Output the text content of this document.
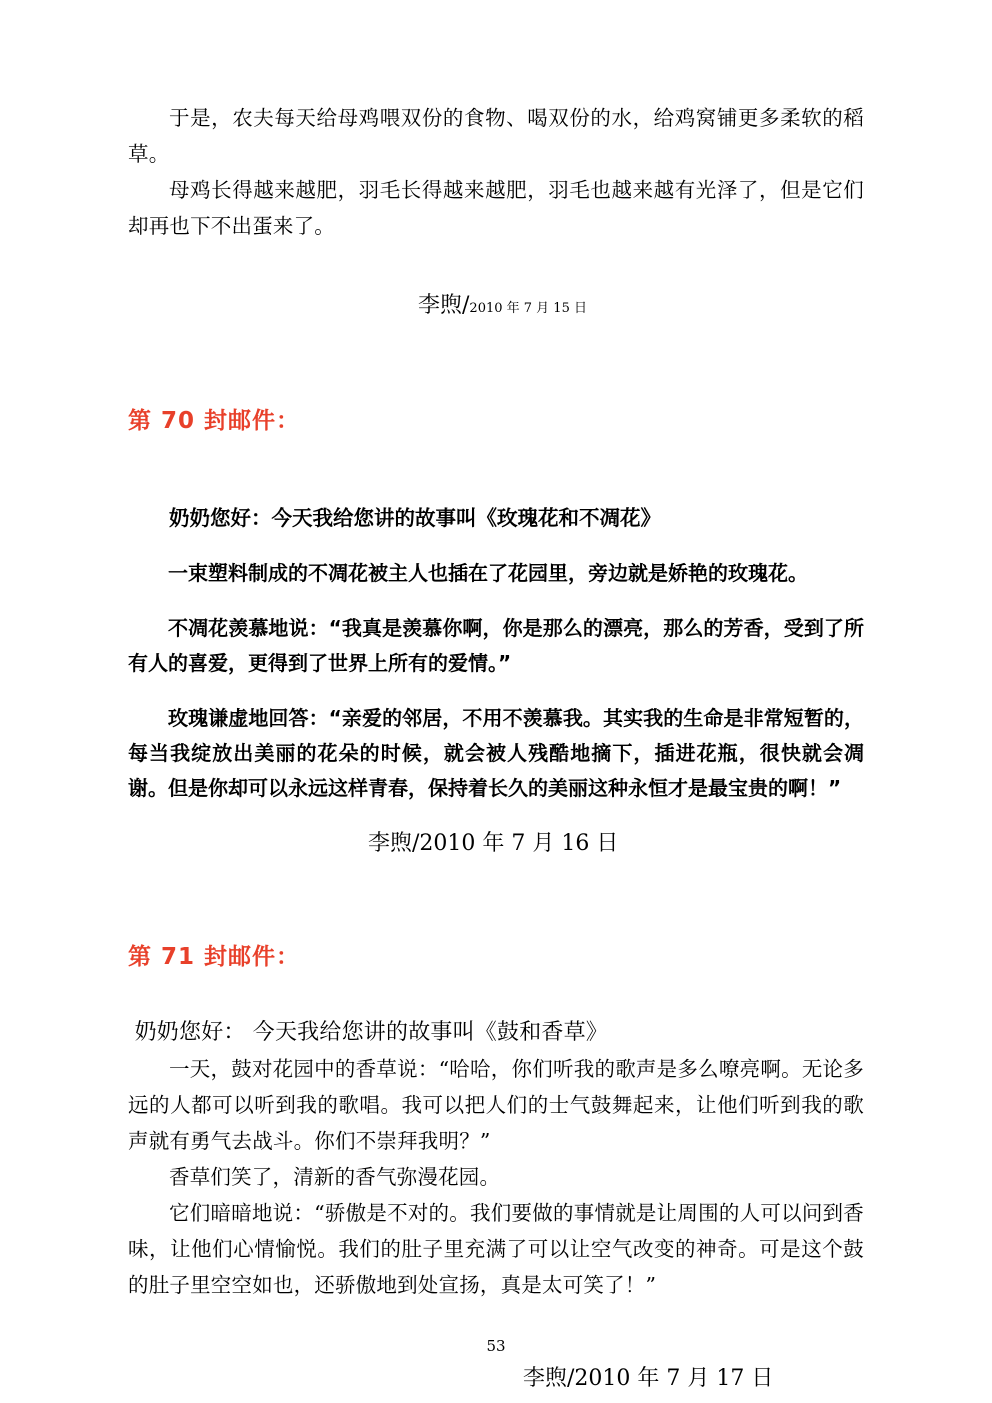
于是，农夫每天给母鸡喂双份的食物、喝双份的水，给鸡窝铺更多柔软的稻草。

母鸡长得越来越肥，羽毛长得越来越肥，羽毛也越来越有光泽了，但是它们却再也下不出蛋来了。

李煦/2010 年 7 月 15 日

第 70 封邮件：

奶奶您好：今天我给您讲的故事叫《玫瑰花和不凋花》

一束塑料制成的不凋花被主人也插在了花园里，旁边就是娇艳的玫瑰花。

不凋花羡慕地说：“我真是羡慕你啊，你是那么的漂亮，那么的芳香，受到了所有人的喜爱，更得到了世界上所有的爱情。”

玫瑰谦虚地回答：“亲爱的邻居，不用不羡慕我。其实我的生命是非常短暂的，每当我绽放出美丽的花朵的时候，就会被人残酷地摘下，插进花瓶，很快就会凋谢。但是你却可以永远这样青春，保持着长久的美丽这种永恒才是最宝贵的啊！”

李煦/2010 年 7 月 16 日

第 71 封邮件：

奶奶您好： 今天我给您讲的故事叫《鼓和香草》

一天，鼓对花园中的香草说：“哈哈，你们听我的歌声是多么嘹亮啊。无论多远的人都可以听到我的歌唱。我可以把人们的士气鼓舞起来，让他们听到我的歌声就有勇气去战斗。你们不崇拜我明？”

香草们笑了，清新的香气弥漫花园。

它们暗暗地说：“骄傲是不对的。我们要做的事情就是让周围的人可以问到香味，让他们心情愉悦。我们的肚子里充满了可以让空气改变的神奇。可是这个鼓的肚子里空空如也，还骄傲地到处宣扬，真是太可笑了！”

李煦/2010 年 7 月 17 日

53
